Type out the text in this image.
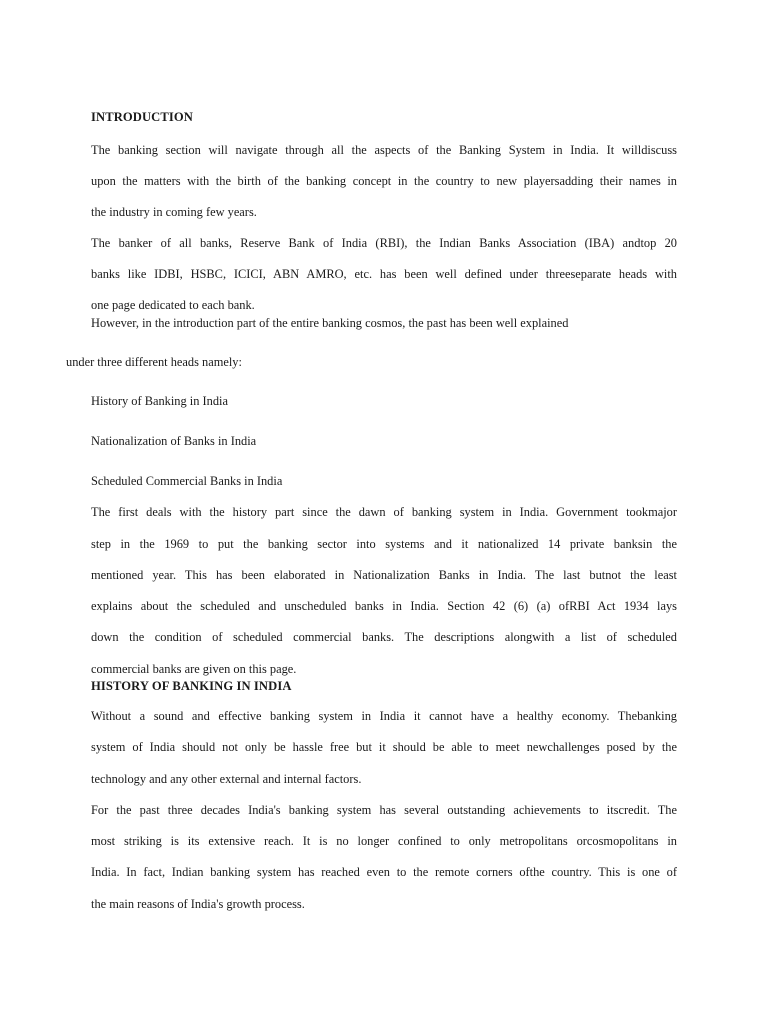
INTRODUCTION
The banking section will navigate through all the aspects of the Banking System in India. It willdiscuss
upon the matters with the birth of the banking concept in the country to new playersadding their names in
the industry in coming few years.
The banker of all banks, Reserve Bank of India (RBI), the Indian Banks Association (IBA) andtop 20
banks like IDBI, HSBC, ICICI, ABN AMRO, etc. has been well defined under threeseparate heads with
one page dedicated to each bank.
However, in the introduction part of the entire banking cosmos, the past has been well explained
under three different heads namely:
History of Banking in India
Nationalization of Banks in India
Scheduled Commercial Banks in India
The first deals with the history part since the dawn of banking system in India. Government tookmajor
step in the 1969 to put the banking sector into systems and it nationalized 14 private banksin the
mentioned year. This has been elaborated in Nationalization Banks in India. The last butnot the least
explains about the scheduled and unscheduled banks in India. Section 42 (6) (a) ofRBI Act 1934 lays
down the condition of scheduled commercial banks. The descriptions alongwith a list of scheduled
commercial banks are given on this page.
HISTORY OF BANKING IN INDIA
Without a sound and effective banking system in India it cannot have a healthy economy. Thebanking
system of India should not only be hassle free but it should be able to meet newchallenges posed by the
technology and any other external and internal factors.
For the past three decades India's banking system has several outstanding achievements to itscredit. The
most striking is its extensive reach. It is no longer confined to only metropolitans orcosmopolitans in
India. In fact, Indian banking system has reached even to the remote corners ofthe country. This is one of
the main reasons of India's growth process.
